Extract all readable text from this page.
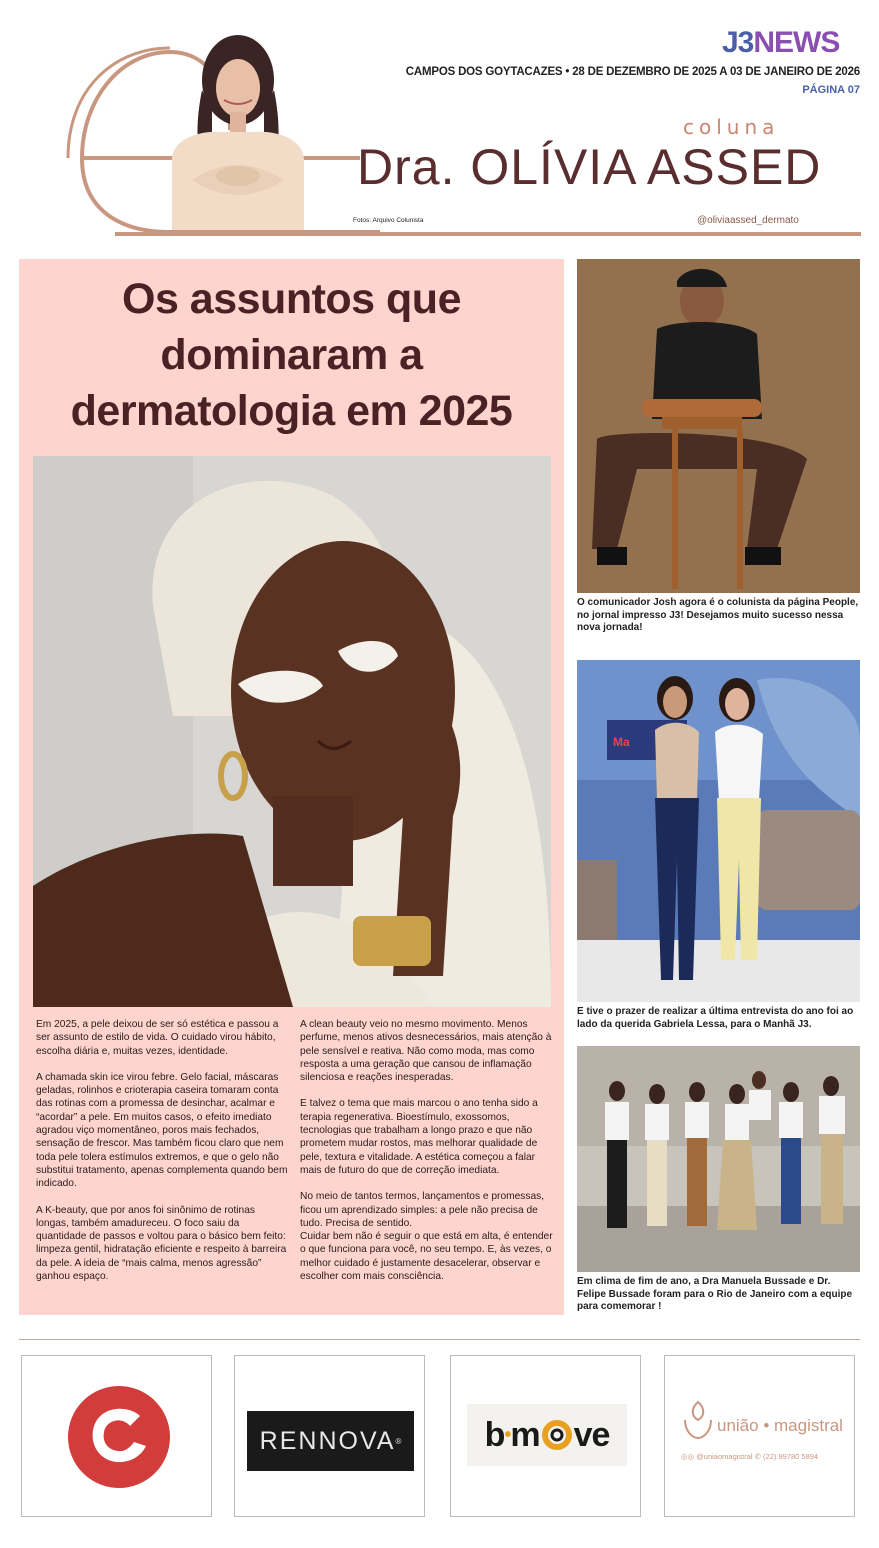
J3NEWS
CAMPOS DOS GOYTACAZES • 28 DE DEZEMBRO DE 2025 A 03 DE JANEIRO DE 2026
PÁGINA 07
coluna
Dra. OLÍVIA ASSED
Fotos: Arquivo Colunista	@oliviaassed_dermato
Os assuntos que
dominaram a
dermatologia em 2025

Em 2025, a pele deixou de ser só estética e passou a ser assunto de estilo de vida. O cuidado virou hábito, escolha diária e, muitas vezes, identidade.

A chamada skin ice virou febre. Gelo facial, máscaras geladas, rolinhos e crioterapia caseira tomaram conta das rotinas com a promessa de desinchar, acalmar e “acordar” a pele. Em muitos casos, o efeito imediato agradou viço momentâneo, poros mais fechados, sensação de frescor. Mas também ficou claro que nem toda pele tolera estímulos extremos, e que o gelo não substitui tratamento, apenas complementa quando bem indicado.

A K-beauty, que por anos foi sinônimo de rotinas longas, também amadureceu. O foco saiu da quantidade de passos e voltou para o básico bem feito: limpeza gentil, hidratação eficiente e respeito à barreira da pele. A ideia de “mais calma, menos agressão” ganhou espaço.

A clean beauty veio no mesmo movimento. Menos perfume, menos ativos desnecessários, mais atenção à pele sensível e reativa. Não como moda, mas como resposta a uma geração que cansou de inflamação silenciosa e reações inesperadas.

E talvez o tema que mais marcou o ano tenha sido a terapia regenerativa. Bioestímulo, exossomos, tecnologias que trabalham a longo prazo e que não prometem mudar rostos, mas melhorar qualidade de pele, textura e vitalidade. A estética começou a falar mais de futuro do que de correção imediata.

No meio de tantos termos, lançamentos e promessas, ficou um aprendizado simples: a pele não precisa de tudo. Precisa de sentido.

Cuidar bem não é seguir o que está em alta, é entender o que funciona para você, no seu tempo. E, às vezes, o melhor cuidado é justamente desacelerar, observar e escolher com mais consciência.

O comunicador Josh agora é o colunista da página People, no jornal impresso J3! Desejamos muito sucesso nessa nova jornada!
Ma
E tive o prazer de realizar a última entrevista do ano foi ao lado da querida Gabriela Lessa, para o Manhã J3.
Em clima de fim de ano, a Dra Manuela Bussade e Dr. Felipe Bussade foram para o Rio de Janeiro com a equipe para comemorar !
RENNOVA ® b • m ve	união • magistral
◎◎ @uniaomagistral ✆ (22) 99780 5894
